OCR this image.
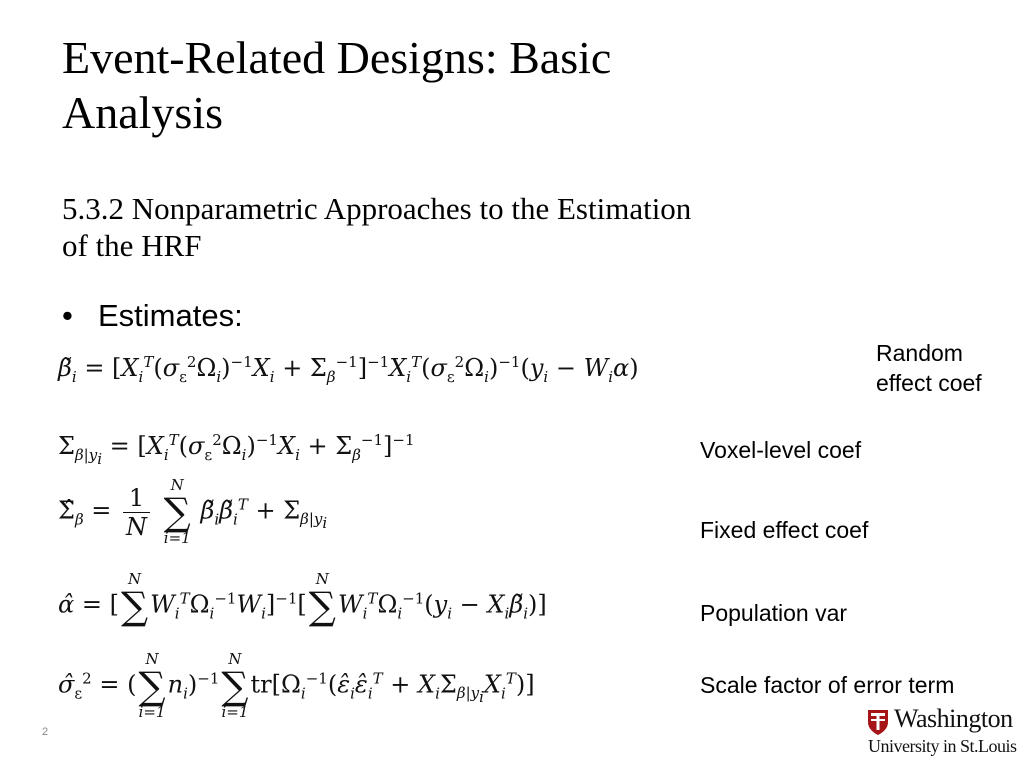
Event-Related Designs: Basic
Analysis
5.3.2 Nonparametric Approaches to the Estimation
of the HRF
• Estimates:
$\betã_i = [X_i^T(\sigma_\varepsilon^2\Omega_i)^{-1}X_i + \Sigma_\beta^{-1}]^{-1}X_i^T(\sigma_\varepsilon^2\Omega_i)^{-1}(y_i - W_i\alpha)$
$\Sigma_{\beta|y_i} = [X_i^T(\sigma_\varepsilon^2\Omega_i)^{-1}X_i + \Sigma_\beta^{-1}]^{-1}$
$\Sigmâ_\beta = \frac{1}{N}$
	N
∑
i=1
$\betã_i\betã_i^T + \Sigma_{\beta|y_i}$
α̂ = [
N
∑
$W_i^T\Omega_i^{-1}W_i]^{-1}$[
N
∑
$W_i^T\Omega_i^{-1}(y_i$ − $X_i\betã_i$)]
$\sigmâ_\varepsilon^2$ = (
N
∑
i=1
$n_i)^{-1}$
N
∑
i=1
$tr[\Omega_i^{-1}(\varepsilon̂_i\varepsilon̂_i^T + X_i\Sigma_{\beta|y_i}X_i^T)]$
Random
effect coef
Voxel-level coef
Fixed effect coef
Population var
Scale factor of error term
2	Washington
University in St.Louis
